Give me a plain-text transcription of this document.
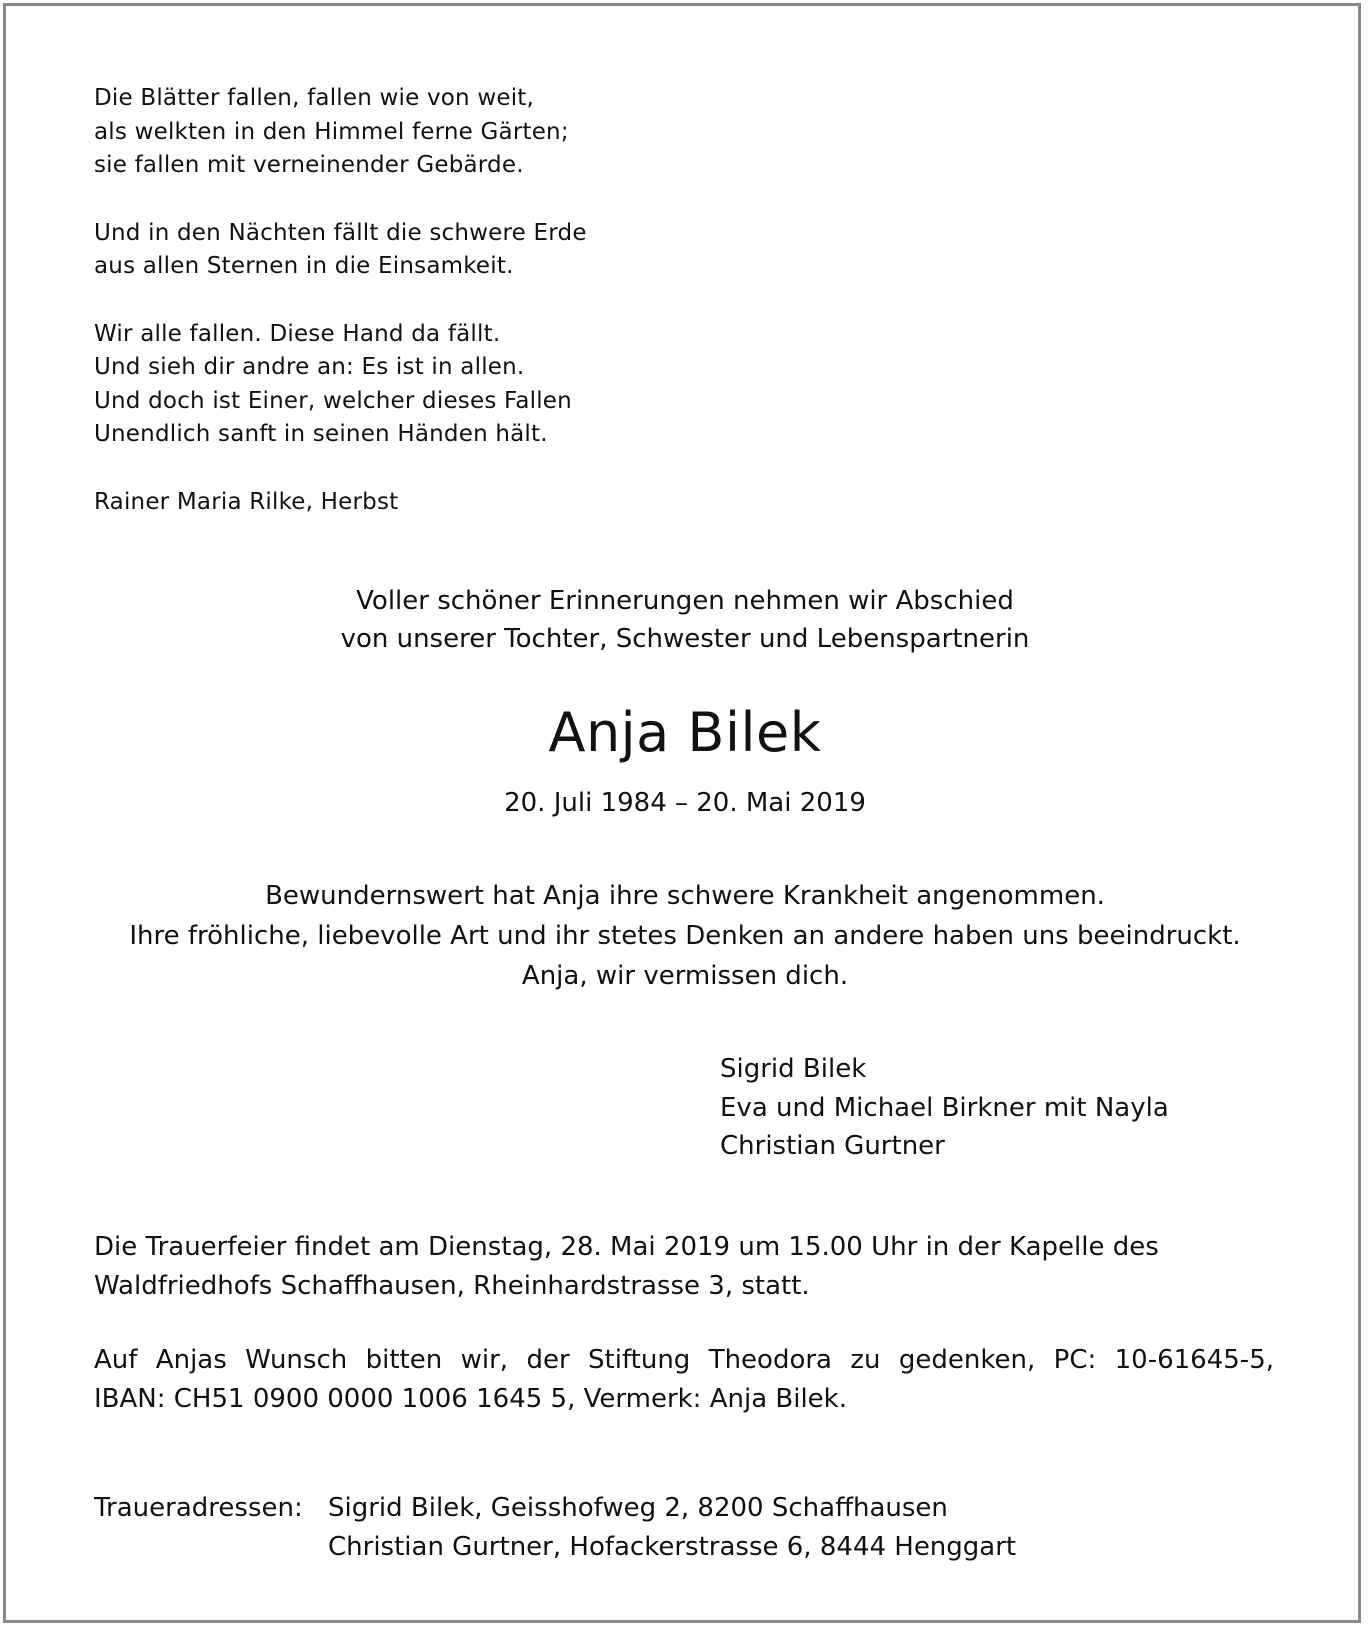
Die Blätter fallen, fallen wie von weit,
als welkten in den Himmel ferne Gärten;
sie fallen mit verneinender Gebärde.
Und in den Nächten fällt die schwere Erde
aus allen Sternen in die Einsamkeit.
Wir alle fallen. Diese Hand da fällt.
Und sieh dir andre an: Es ist in allen.
Und doch ist Einer, welcher dieses Fallen
Unendlich sanft in seinen Händen hält.
Rainer Maria Rilke, Herbst
Voller schöner Erinnerungen nehmen wir Abschied
von unserer Tochter, Schwester und Lebenspartnerin
Anja Bilek
20. Juli 1984 – 20. Mai 2019
Bewundernswert hat Anja ihre schwere Krankheit angenommen.
Ihre fröhliche, liebevolle Art und ihr stetes Denken an andere haben uns beeindruckt.
Anja, wir vermissen dich.
Sigrid Bilek
Eva und Michael Birkner mit Nayla
Christian Gurtner
Die Trauerfeier findet am Dienstag, 28. Mai 2019 um 15.00 Uhr in der Kapelle des
Waldfriedhofs Schaffhausen, Rheinhardstrasse 3, statt.
Auf Anjas Wunsch bitten wir, der Stiftung Theodora zu gedenken, PC: 10-61645-5,
IBAN: CH51 0900 0000 1006 1645 5, Vermerk: Anja Bilek.
Traueradressen: Sigrid Bilek, Geisshofweg 2, 8200 Schaffhausen
Christian Gurtner, Hofackerstrasse 6, 8444 Henggart
